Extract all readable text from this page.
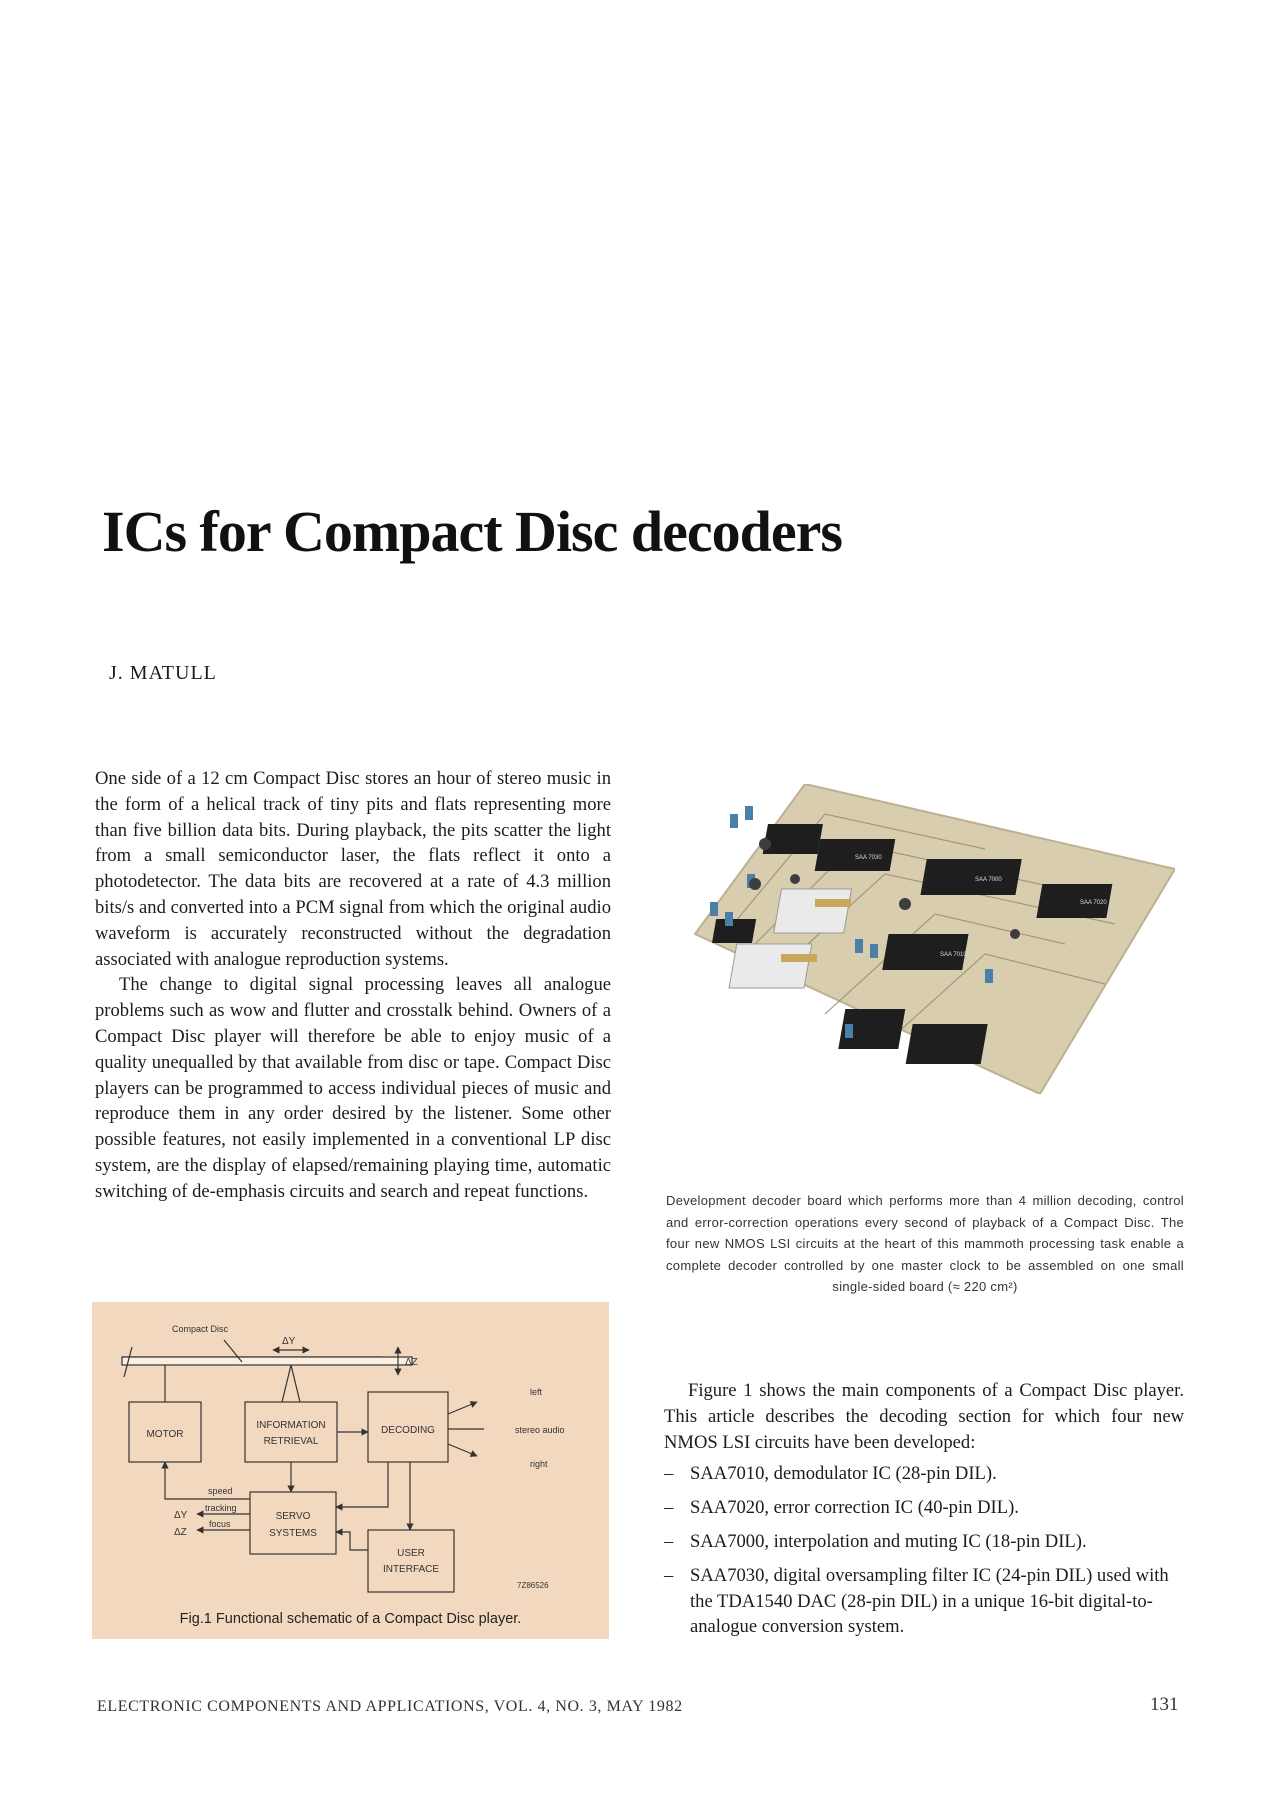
ICs for Compact Disc decoders
J. MATULL

One side of a 12 cm Compact Disc stores an hour of stereo music in the form of a helical track of tiny pits and flats representing more than five billion data bits. During playback, the pits scatter the light from a small semiconductor laser, the flats reflect it onto a photodetector. The data bits are recovered at a rate of 4.3 million bits/s and converted into a PCM signal from which the original audio waveform is accurately reconstructed without the degradation associated with analogue reproduction systems.

The change to digital signal processing leaves all analogue problems such as wow and flutter and crosstalk behind. Owners of a Compact Disc player will therefore be able to enjoy music of a quality unequalled by that available from disc or tape. Compact Disc players can be programmed to access individual pieces of music and reproduce them in any order desired by the listener. Some other possible features, not easily implemented in a conventional LP disc system, are the display of elapsed/remaining playing time, automatic switching of de-emphasis circuits and search and repeat functions.

SAA 7030
SAA 7000
SAA 7020
SAA 7010
Development decoder board which performs more than 4 million decoding, control and error-correction operations every second of playback of a Compact Disc. The four new NMOS LSI circuits at the heart of this mammoth processing task enable a complete decoder controlled by one master clock to be assembled on one small single-sided board (≈ 220 cm²)
Compact Disc
ΔY
ΔZ
MOTOR
INFORMATION
RETRIEVAL
DECODING
SERVO
SYSTEMS
USER
INTERFACE
left
stereo audio
right
speed
tracking
focus
ΔY
ΔZ
7Z86526
Fig.1 Functional schematic of a Compact Disc player.

Figure 1 shows the main components of a Compact Disc player. This article describes the decoding section for which four new NMOS LSI circuits have been developed:

– SAA7010, demodulator IC (28-pin DIL).
– SAA7020, error correction IC (40-pin DIL).
– SAA7000, interpolation and muting IC (18-pin DIL).
– SAA7030, digital oversampling filter IC (24-pin DIL) used with the TDA1540 DAC (28-pin DIL) in a unique 16-bit digital-to-analogue conversion system.
ELECTRONIC COMPONENTS AND APPLICATIONS, VOL. 4, NO. 3, MAY 1982	131
